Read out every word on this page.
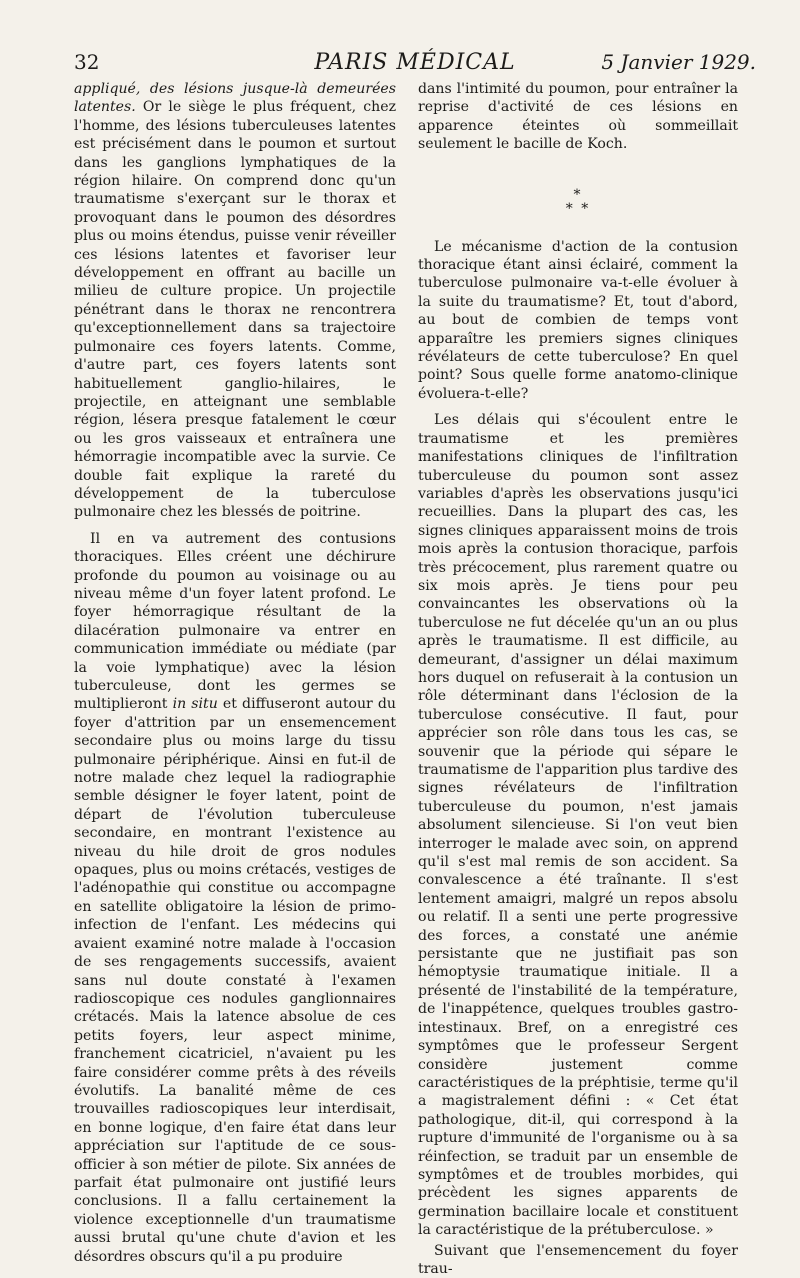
32	PARIS MÉDICAL	5 Janvier 1929.

appliqué, des lésions jusque-là demeurées latentes. Or le siège le plus fréquent, chez l'homme, des lésions tuberculeuses latentes est précisément dans le poumon et surtout dans les ganglions lymphatiques de la région hilaire. On comprend donc qu'un traumatisme s'exerçant sur le thorax et provoquant dans le poumon des désordres plus ou moins étendus, puisse venir réveiller ces lésions latentes et favoriser leur développement en offrant au bacille un milieu de culture propice. Un projectile pénétrant dans le thorax ne rencontrera qu'exceptionnellement dans sa trajectoire pulmonaire ces foyers latents. Comme, d'autre part, ces foyers latents sont habituellement ganglio-hilaires, le projectile, en atteignant une semblable région, lésera presque fatalement le cœur ou les gros vaisseaux et entraînera une hémorragie incompatible avec la survie. Ce double fait explique la rareté du développement de la tuberculose pulmonaire chez les blessés de poitrine.

Il en va autrement des contusions thoraciques. Elles créent une déchirure profonde du poumon au voisinage ou au niveau même d'un foyer latent profond. Le foyer hémorragique résultant de la dilacération pulmonaire va entrer en communication immédiate ou médiate (par la voie lymphatique) avec la lésion tuberculeuse, dont les germes se multiplieront in situ et diffuseront autour du foyer d'attrition par un ensemencement secondaire plus ou moins large du tissu pulmonaire périphérique. Ainsi en fut-il de notre malade chez lequel la radiographie semble désigner le foyer latent, point de départ de l'évolution tuberculeuse secondaire, en montrant l'existence au niveau du hile droit de gros nodules opaques, plus ou moins crétacés, vestiges de l'adénopathie qui constitue ou accompagne en satellite obligatoire la lésion de primo-infection de l'enfant. Les médecins qui avaient examiné notre malade à l'occasion de ses rengagements successifs, avaient sans nul doute constaté à l'examen radioscopique ces nodules ganglionnaires crétacés. Mais la latence absolue de ces petits foyers, leur aspect minime, franchement cicatriciel, n'avaient pu les faire considérer comme prêts à des réveils évolutifs. La banalité même de ces trouvailles radioscopiques leur interdisait, en bonne logique, d'en faire état dans leur appréciation sur l'aptitude de ce sous-officier à son métier de pilote. Six années de parfait état pulmonaire ont justifié leurs conclusions. Il a fallu certainement la violence exceptionnelle d'un traumatisme aussi brutal qu'une chute d'avion et les désordres obscurs qu'il a pu produire

dans l'intimité du poumon, pour entraîner la reprise d'activité de ces lésions en apparence éteintes où sommeillait seulement le bacille de Koch.

*
* *

Le mécanisme d'action de la contusion thoracique étant ainsi éclairé, comment la tuberculose pulmonaire va-t-elle évoluer à la suite du traumatisme? Et, tout d'abord, au bout de combien de temps vont apparaître les premiers signes cliniques révélateurs de cette tuberculose? En quel point? Sous quelle forme anatomo-clinique évoluera-t-elle?

Les délais qui s'écoulent entre le traumatisme et les premières manifestations cliniques de l'infiltration tuberculeuse du poumon sont assez variables d'après les observations jusqu'ici recueillies. Dans la plupart des cas, les signes cliniques apparaissent moins de trois mois après la contusion thoracique, parfois très précocement, plus rarement quatre ou six mois après. Je tiens pour peu convaincantes les observations où la tuberculose ne fut décelée qu'un an ou plus après le traumatisme. Il est difficile, au demeurant, d'assigner un délai maximum hors duquel on refuserait à la contusion un rôle déterminant dans l'éclosion de la tuberculose consécutive. Il faut, pour apprécier son rôle dans tous les cas, se souvenir que la période qui sépare le traumatisme de l'apparition plus tardive des signes révélateurs de l'infiltration tuberculeuse du poumon, n'est jamais absolument silencieuse. Si l'on veut bien interroger le malade avec soin, on apprend qu'il s'est mal remis de son accident. Sa convalescence a été traînante. Il s'est lentement amaigri, malgré un repos absolu ou relatif. Il a senti une perte progressive des forces, a constaté une anémie persistante que ne justifiait pas son hémoptysie traumatique initiale. Il a présenté de l'instabilité de la température, de l'inappétence, quelques troubles gastro-intestinaux. Bref, on a enregistré ces symptômes que le professeur Sergent considère justement comme caractéristiques de la préphtisie, terme qu'il a magistralement défini : « Cet état pathologique, dit-il, qui correspond à la rupture d'immunité de l'organisme ou à sa réinfection, se traduit par un ensemble de symptômes et de troubles morbides, qui précèdent les signes apparents de germination bacillaire locale et constituent la caractéristique de la prétuberculose. »

Suivant que l'ensemencement du foyer trau-
